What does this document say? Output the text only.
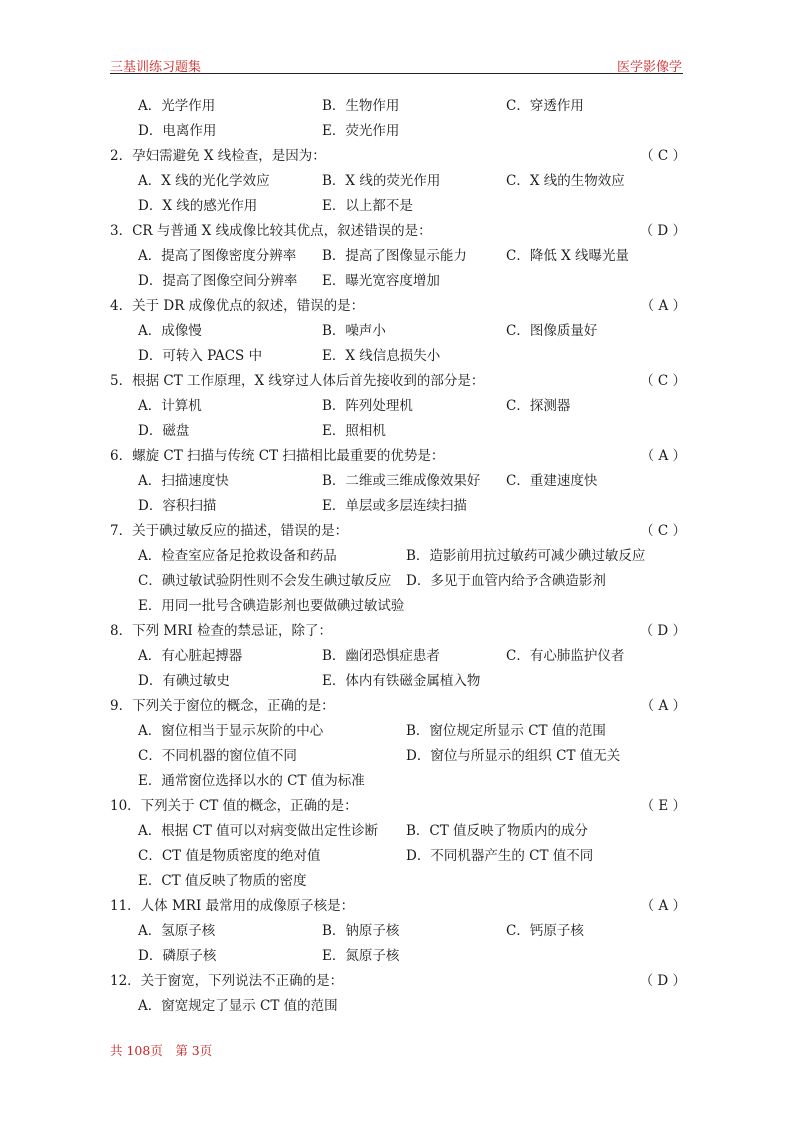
三基训练习题集	医学影像学
A．光学作用	B．生物作用	C．穿透作用
D．电离作用	E．荧光作用
2．孕妇需避免 X 线检查，是因为：	（ C ）
A．X 线的光化学效应	B．X 线的荧光作用	C．X 线的生物效应
D．X 线的感光作用	E．以上都不是
3．CR 与普通 X 线成像比较其优点，叙述错误的是：	（ D ）
A．提高了图像密度分辨率 B．提高了图像显示能力	C．降低 X 线曝光量
D．提高了图像空间分辨率 E．曝光宽容度增加
4．关于 DR 成像优点的叙述，错误的是：	（ A ）
A．成像慢	B．噪声小	C．图像质量好
D．可转入 PACS 中	E．X 线信息损失小
5．根据 CT 工作原理，X 线穿过人体后首先接收到的部分是：	（ C ）
A．计算机	B．阵列处理机	C．探测器
D．磁盘	E．照相机
6．螺旋 CT 扫描与传统 CT 扫描相比最重要的优势是：	（ A ）
A．扫描速度快	B．二维或三维成像效果好 C．重建速度快
D．容积扫描	E．单层或多层连续扫描
7．关于碘过敏反应的描述，错误的是：	（ C ）
A．检查室应备足抢救设备和药品	B．造影前用抗过敏药可减少碘过敏反应
C．碘过敏试验阴性则不会发生碘过敏反应 D．多见于血管内给予含碘造影剂
E．用同一批号含碘造影剂也要做碘过敏试验
8．下列 MRI 检查的禁忌证，除了：	（ D ）
A．有心脏起搏器	B．幽闭恐惧症患者	C．有心肺监护仪者
D．有碘过敏史	E．体内有铁磁金属植入物
9．下列关于窗位的概念，正确的是：	（ A ）
A．窗位相当于显示灰阶的中心	B．窗位规定所显示 CT 值的范围
C．不同机器的窗位值不同	D．窗位与所显示的组织 CT 值无关
E．通常窗位选择以水的 CT 值为标准
10．下列关于 CT 值的概念，正确的是：	（ E ）
A．根据 CT 值可以对病变做出定性诊断 B．CT 值反映了物质内的成分
C．CT 值是物质密度的绝对值	D．不同机器产生的 CT 值不同
E．CT 值反映了物质的密度
11．人体 MRI 最常用的成像原子核是：	（ A ）
A．氢原子核	B．钠原子核	C．钙原子核
D．磷原子核	E．氮原子核
12．关于窗宽，下列说法不正确的是：	（ D ）
A．窗宽规定了显示 CT 值的范围
共 108页　第 3页
